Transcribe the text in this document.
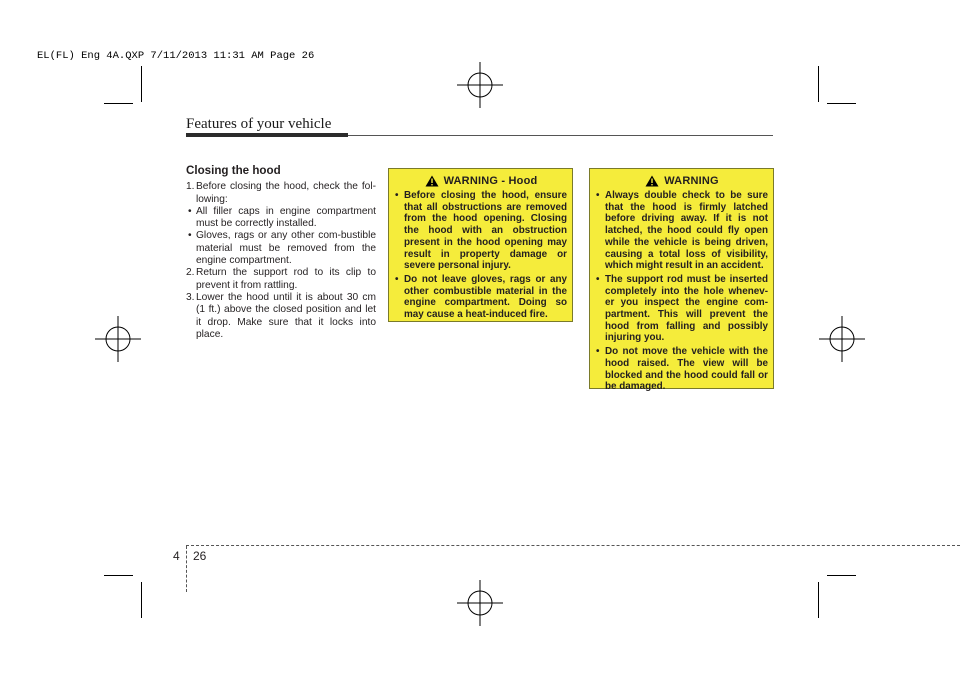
EL(FL) Eng 4A.QXP 7/11/2013 11:31 AM Page 26
Features of your vehicle
Closing the hood
1. Before closing the hood, check the fol-lowing:
• All filler caps in engine compartment must be correctly installed.
• Gloves, rags or any other com-bustible material must be removed from the engine compartment.
2. Return the support rod to its clip to prevent it from rattling.
3. Lower the hood until it is about 30 cm (1 ft.) above the closed position and let it drop. Make sure that it locks into place.
WARNING - Hood
• Before closing the hood, ensure that all obstructions are removed from the hood opening. Closing the hood with an obstruction present in the hood opening may result in property damage or severe personal injury.
• Do not leave gloves, rags or any other combustible material in the engine compartment. Doing so may cause a heat-induced fire.
WARNING
• Always double check to be sure that the hood is firmly latched before driving away. If it is not latched, the hood could fly open while the vehicle is being driven, causing a total loss of visibility, which might result in an accident.
• The support rod must be inserted completely into the hole whenev-er you inspect the engine com-partment. This will prevent the hood from falling and possibly injuring you.
• Do not move the vehicle with the hood raised. The view will be blocked and the hood could fall or be damaged.
4 26
